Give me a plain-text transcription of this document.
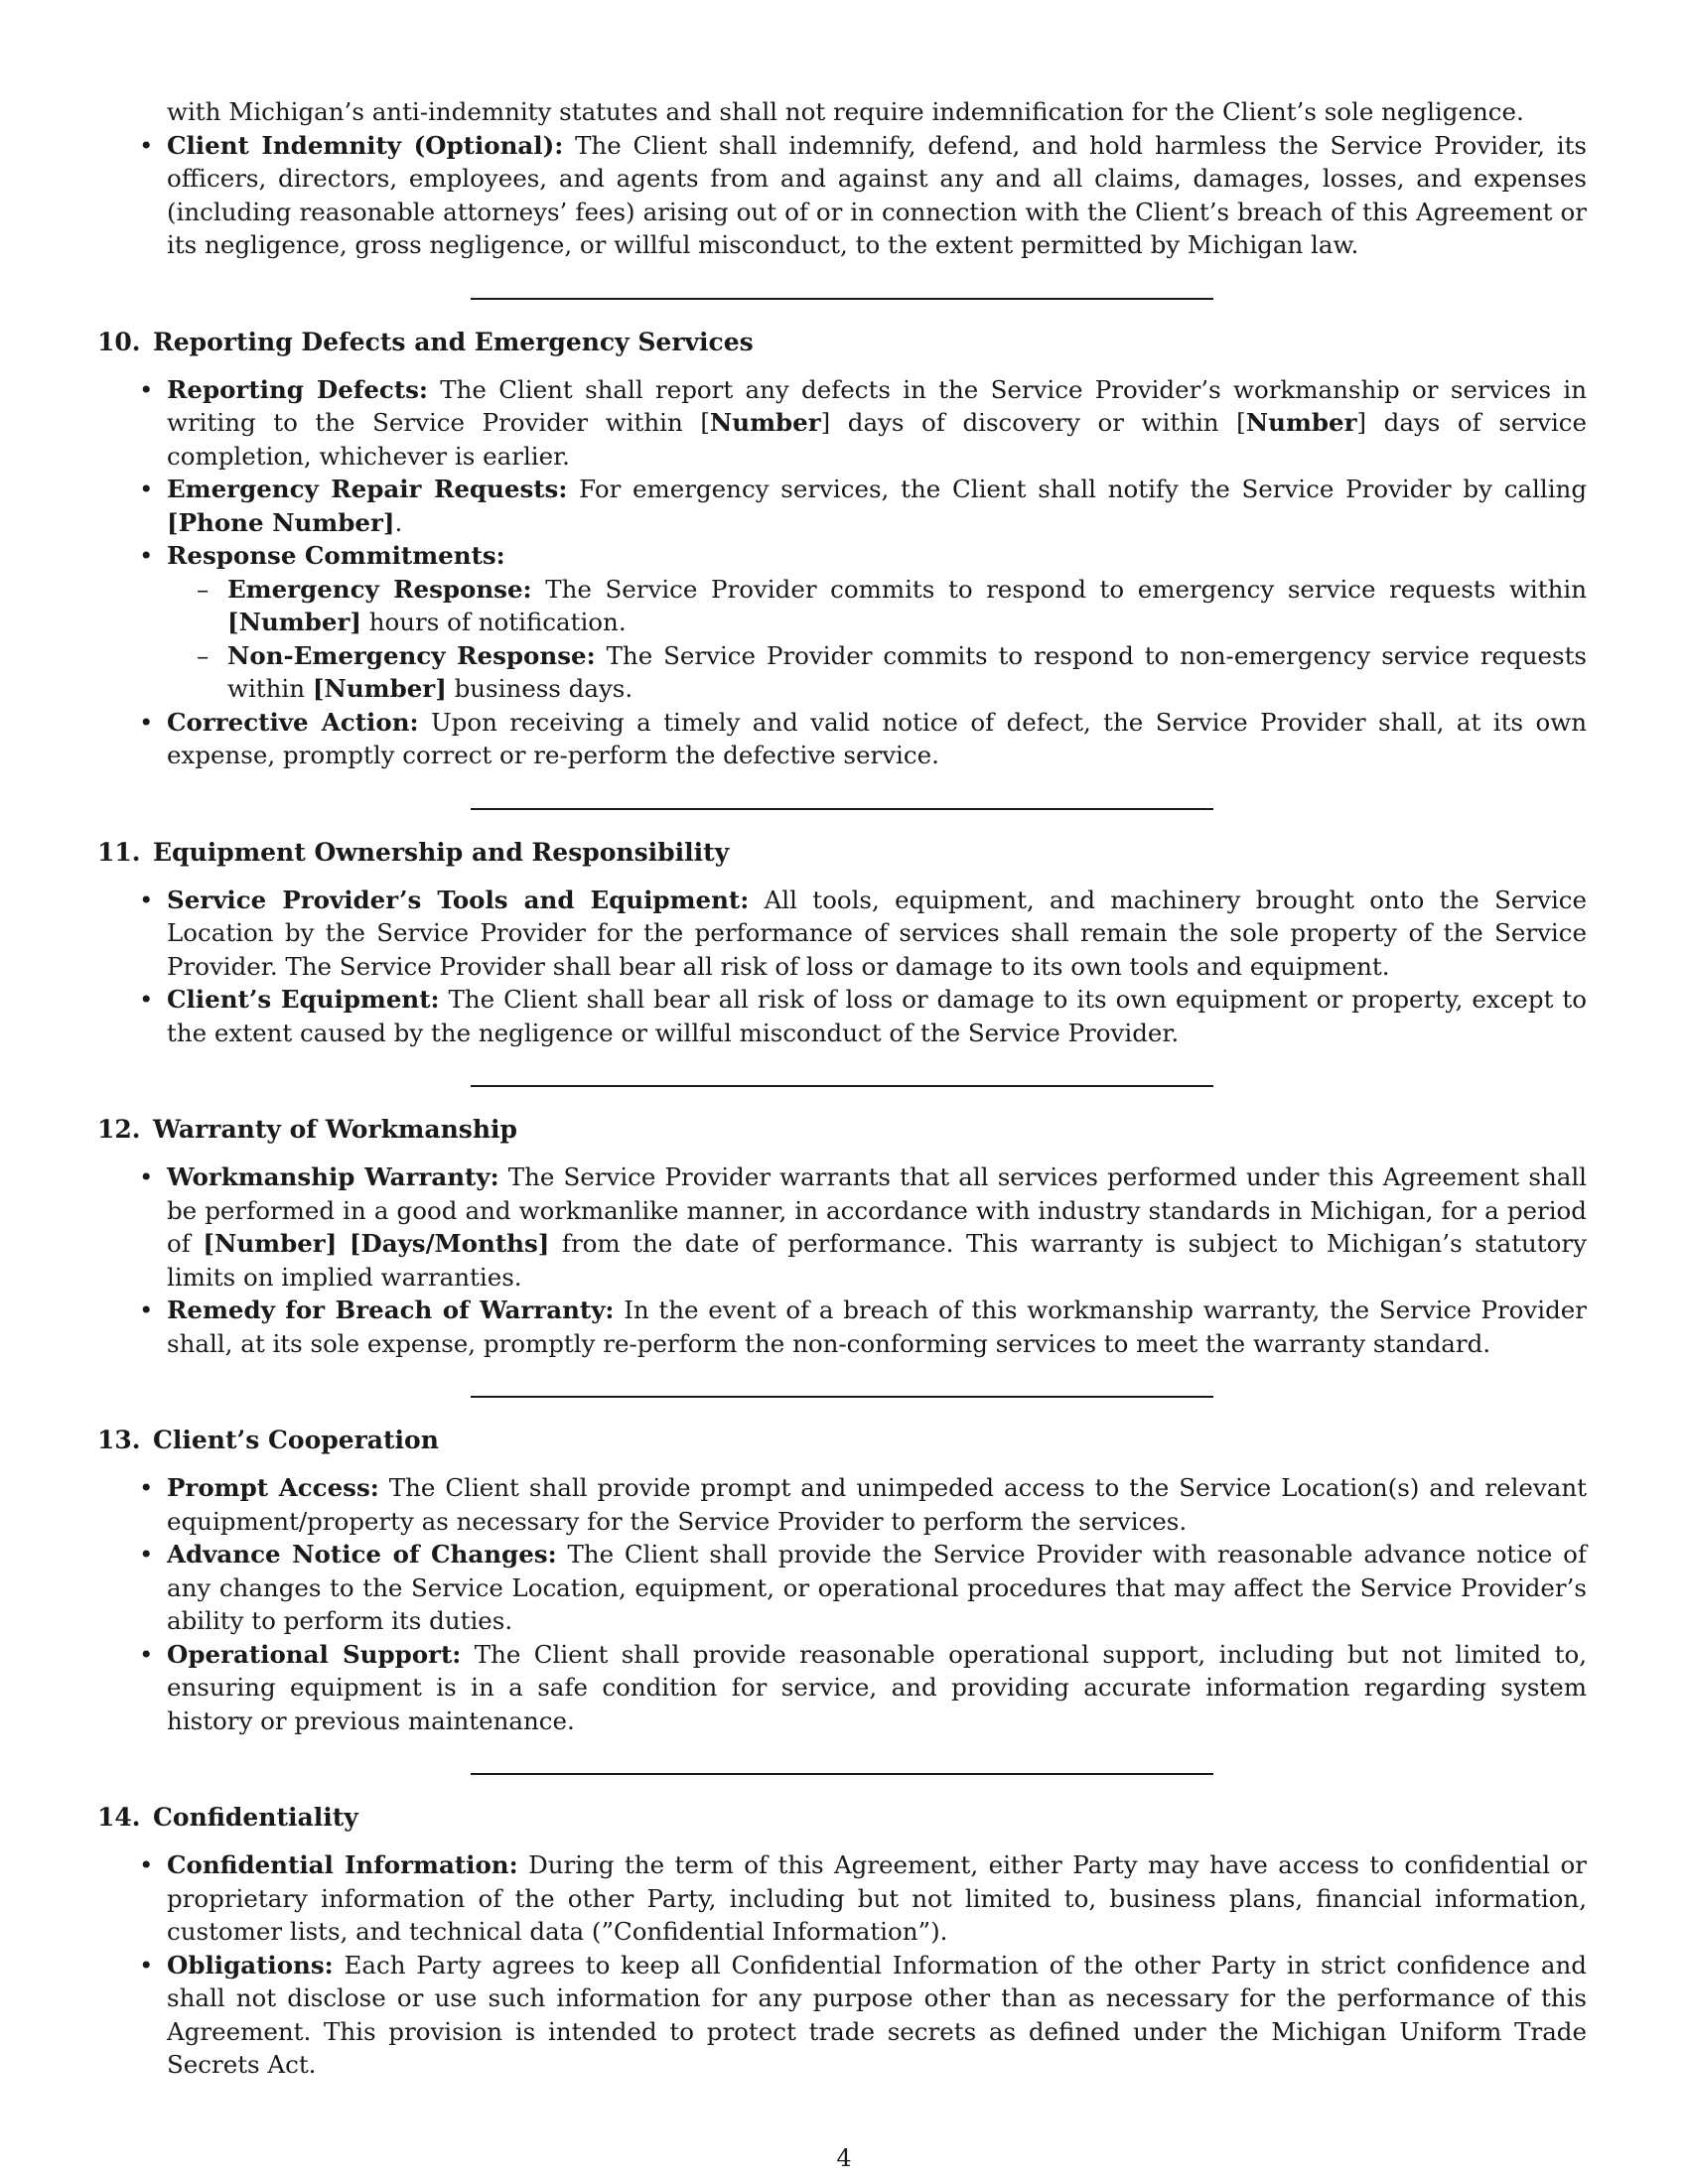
with Michigan’s anti-indemnity statutes and shall not require indemnification for the Client’s sole negligence.
• Client Indemnity (Optional): The Client shall indemnify, defend, and hold harmless the Service Provider, its officers, directors, employees, and agents from and against any and all claims, damages, losses, and expenses (including reasonable attorneys’ fees) arising out of or in connection with the Client’s breach of this Agreement or its negligence, gross negligence, or willful misconduct, to the extent permitted by Michigan law.
10. Reporting Defects and Emergency Services
• Reporting Defects: The Client shall report any defects in the Service Provider’s workmanship or services in writing to the Service Provider within [Number] days of discovery or within [Number] days of service completion, whichever is earlier.
• Emergency Repair Requests: For emergency services, the Client shall notify the Service Provider by calling [Phone Number].
• Response Commitments:
– Emergency Response: The Service Provider commits to respond to emergency service requests within [Number] hours of notification.
– Non-Emergency Response: The Service Provider commits to respond to non-emergency service requests within [Number] business days.
• Corrective Action: Upon receiving a timely and valid notice of defect, the Service Provider shall, at its own expense, promptly correct or re-perform the defective service.
11. Equipment Ownership and Responsibility
• Service Provider’s Tools and Equipment: All tools, equipment, and machinery brought onto the Service Location by the Service Provider for the performance of services shall remain the sole property of the Service Provider. The Service Provider shall bear all risk of loss or damage to its own tools and equipment.
• Client’s Equipment: The Client shall bear all risk of loss or damage to its own equipment or property, except to the extent caused by the negligence or willful misconduct of the Service Provider.
12. Warranty of Workmanship
• Workmanship Warranty: The Service Provider warrants that all services performed under this Agreement shall be performed in a good and workmanlike manner, in accordance with industry standards in Michigan, for a period of [Number] [Days/Months] from the date of performance. This warranty is subject to Michigan’s statutory limits on implied warranties.
• Remedy for Breach of Warranty: In the event of a breach of this workmanship warranty, the Service Provider shall, at its sole expense, promptly re-perform the non-conforming services to meet the warranty standard.
13. Client’s Cooperation
• Prompt Access: The Client shall provide prompt and unimpeded access to the Service Location(s) and relevant equipment/property as necessary for the Service Provider to perform the services.
• Advance Notice of Changes: The Client shall provide the Service Provider with reasonable advance notice of any changes to the Service Location, equipment, or operational procedures that may affect the Service Provider’s ability to perform its duties.
• Operational Support: The Client shall provide reasonable operational support, including but not limited to, ensuring equipment is in a safe condition for service, and providing accurate information regarding system history or previous maintenance.
14. Confidentiality
• Confidential Information: During the term of this Agreement, either Party may have access to confidential or proprietary information of the other Party, including but not limited to, business plans, financial information, customer lists, and technical data (”Confidential Information”).
• Obligations: Each Party agrees to keep all Confidential Information of the other Party in strict confidence and shall not disclose or use such information for any purpose other than as necessary for the performance of this Agreement. This provision is intended to protect trade secrets as defined under the Michigan Uniform Trade Secrets Act.
4
